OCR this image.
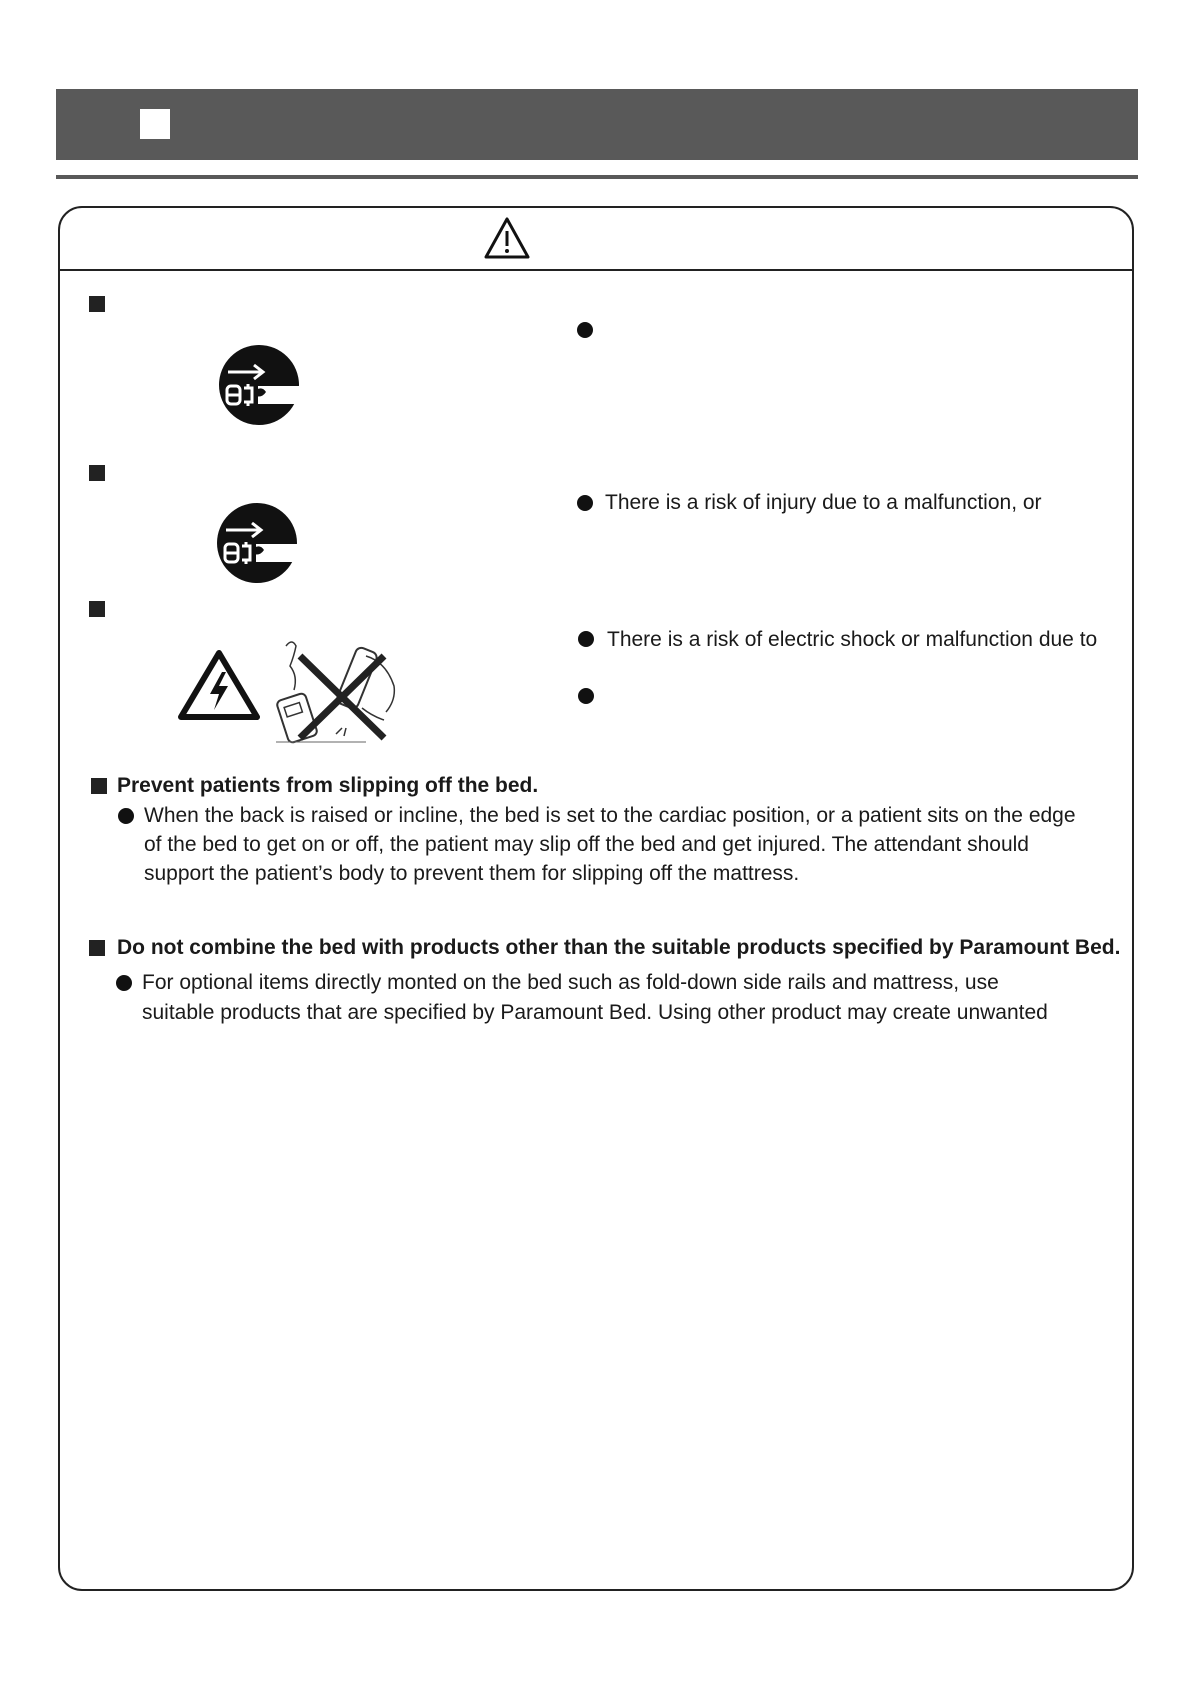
There is a risk of injury due to a malfunction, or
There is a risk of electric shock or malfunction due to
Prevent patients from slipping off the bed.
When the back is raised or incline, the bed is set to the cardiac position, or a patient sits on the edge
of the bed to get on or off, the patient may slip off the bed and get injured. The attendant should
support the patient’s body to prevent them for slipping off the mattress.
Do not combine the bed with products other than the suitable products specified by Paramount Bed.
For optional items directly monted on the bed such as fold-down side rails and mattress, use
suitable products that are specified by Paramount Bed. Using other product may create unwanted
